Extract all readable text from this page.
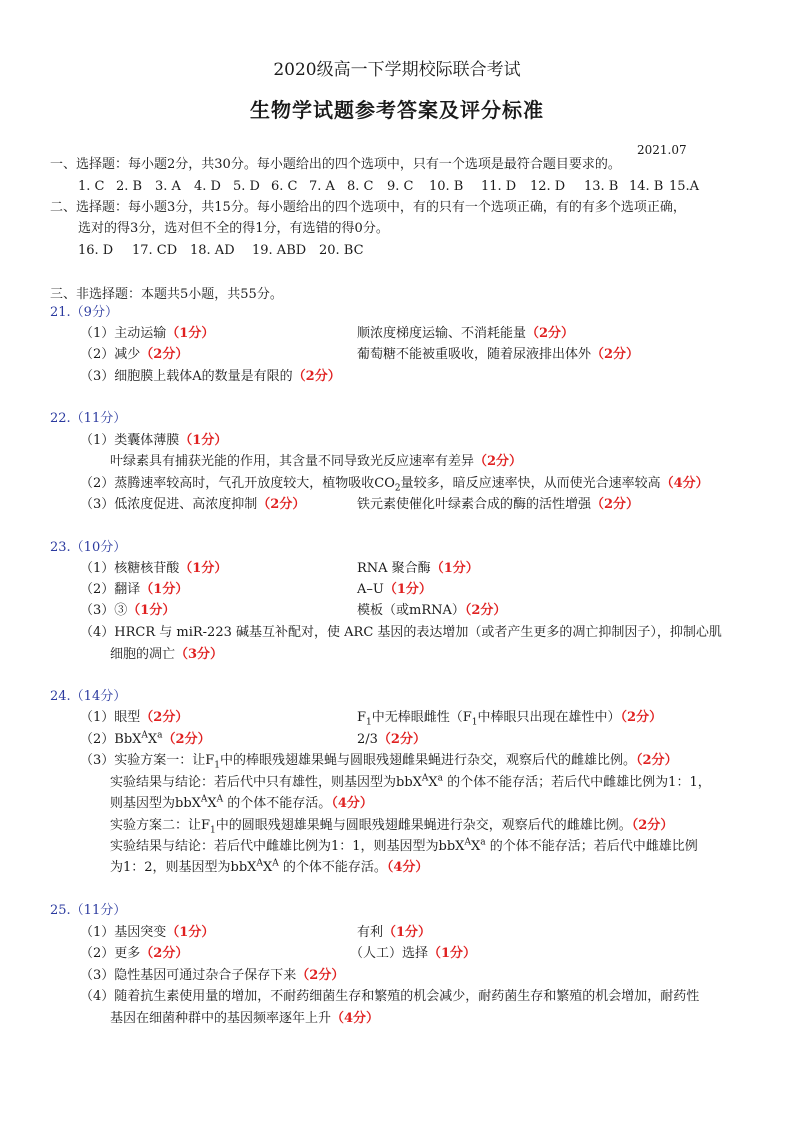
2020级高一下学期校际联合考试
生物学试题参考答案及评分标准
2021.07
一、选择题：每小题2分，共30分。每小题给出的四个选项中，只有一个选项是最符合题目要求的。
1. C 2. B 3. A 4. D 5. D 6. C 7. A 8. C 9. C 10. B 11. D 12. D 13. B 14. B 15.A
二、选择题：每小题3分，共15分。每小题给出的四个选项中，有的只有一个选项正确，有的有多个选项正确，
选对的得3分，选对但不全的得1分，有选错的得0分。
16. D 17. CD 18. AD 19. ABD 20. BC
三、非选择题：本题共5小题，共55分。
21.（9分）
（1）主动运输（1分）	顺浓度梯度运输、不消耗能量（2分）
（2）减少（2分）	葡萄糖不能被重吸收，随着尿液排出体外（2分）
（3）细胞膜上载体A的数量是有限的（2分）
22.（11分）
（1）类囊体薄膜（1分）
叶绿素具有捕获光能的作用，其含量不同导致光反应速率有差异（2分）
（2）蒸腾速率较高时，气孔开放度较大，植物吸收$CO_2$量较多，暗反应速率快，从而使光合速率较高（4分）
（3）低浓度促进、高浓度抑制（2分）	铁元素使催化叶绿素合成的酶的活性增强（2分）
23.（10分）
（1）核糖核苷酸（1分）	RNA 聚合酶（1分）
（2）翻译（1分）	A–U（1分）
（3）③（1分）	模板（或mRNA）（2分）
（4）HRCR 与 miR-223 碱基互补配对，使 ARC 基因的表达增加（或者产生更多的凋亡抑制因子），抑制心肌
细胞的凋亡（3分）
24.（14分）
（1）眼型（2分）	$F_1$中无棒眼雌性（$F_1$中棒眼只出现在雄性中）（2分）
$(2)BbX^AX^a(2$分）	2/3（2分）
（3）实验方案一：让$F_1$中的棒眼残翅雄果蝇与圆眼残翅雌果蝇进行杂交，观察后代的雌雄比例。（2分）
实验结果与结论：若后代中只有雄性，则基因型为$bbX^AX^a$ 的个体不能存活；若后代中雌雄比例为1：1，
则基因型为$bbX^AX^A$ 的个体不能存活。（4分）
实验方案二：让$F_1$中的圆眼残翅雄果蝇与圆眼残翅雌果蝇进行杂交，观察后代的雌雄比例。（2分）
实验结果与结论：若后代中雌雄比例为1：1，则基因型为$bbX^AX^a$ 的个体不能存活；若后代中雌雄比例
为1：2，则基因型为$bbX^AX^A$ 的个体不能存活。（4分）
25.（11分）
（1）基因突变（1分）	有利（1分）
（2）更多（2分）	（人工）选择（1分）
（3）隐性基因可通过杂合子保存下来（2分）
（4）随着抗生素使用量的增加，不耐药细菌生存和繁殖的机会减少，耐药菌生存和繁殖的机会增加，耐药性
基因在细菌种群中的基因频率逐年上升（4分）
